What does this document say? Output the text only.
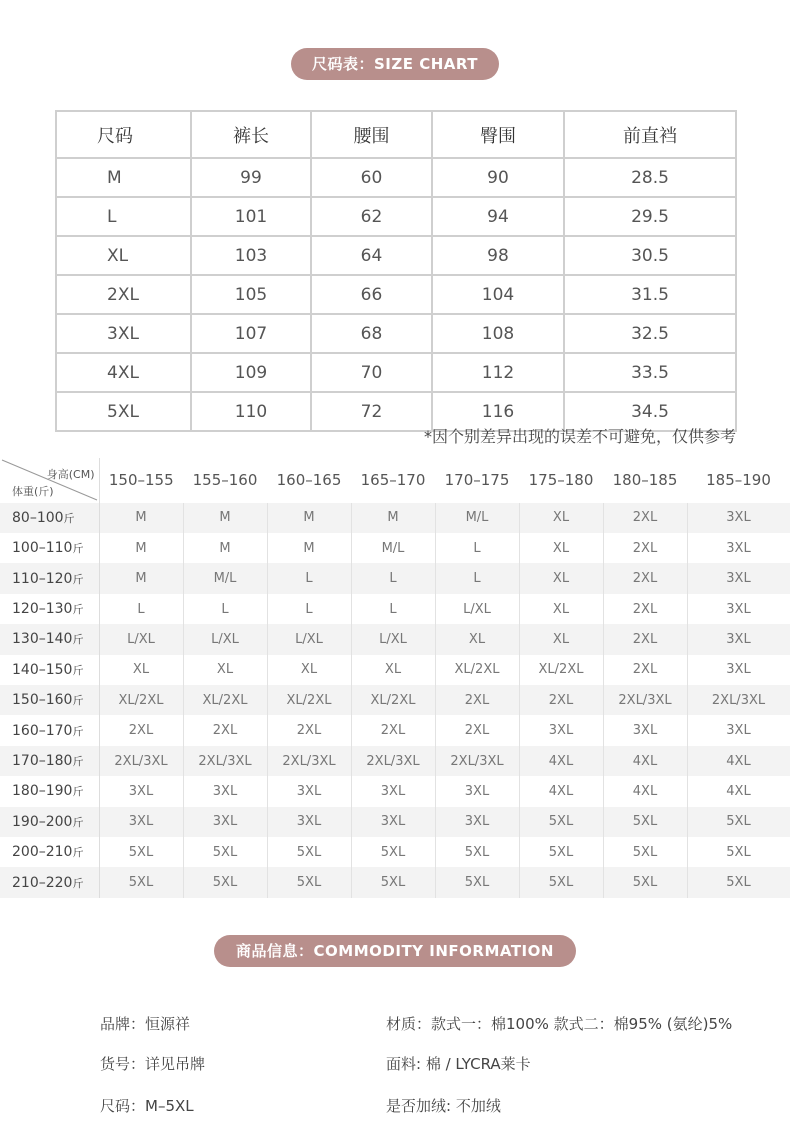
尺码表：SIZE CHART
尺码	裤长	腰围	臀围	前直裆
M	99	60	90	28.5
L	101	62	94	29.5
XL	103	64	98	30.5
2XL	105	66	104	31.5
3XL	107	68	108	32.5
4XL	109	70	112	33.5
5XL	110	72	116	34.5
*因个别差异出现的误差不可避免，仅供参考
身高(CM)
体重(斤)	150–155	155–160	160–165	165–170	170–175	175–180	180–185	185–190
80–100斤	M	M	M	M	M/L	XL	2XL	3XL
100–110斤	M	M	M	M/L	L	XL	2XL	3XL
110–120斤	M	M/L	L	L	L	XL	2XL	3XL
120–130斤	L	L	L	L	L/XL	XL	2XL	3XL
130–140斤	L/XL	L/XL	L/XL	L/XL	XL	XL	2XL	3XL
140–150斤	XL	XL	XL	XL	XL/2XL	XL/2XL	2XL	3XL
150–160斤	XL/2XL	XL/2XL	XL/2XL	XL/2XL	2XL	2XL	2XL/3XL	2XL/3XL
160–170斤	2XL	2XL	2XL	2XL	2XL	3XL	3XL	3XL
170–180斤	2XL/3XL	2XL/3XL	2XL/3XL	2XL/3XL	2XL/3XL	4XL	4XL	4XL
180–190斤	3XL	3XL	3XL	3XL	3XL	4XL	4XL	4XL
190–200斤	3XL	3XL	3XL	3XL	3XL	5XL	5XL	5XL
200–210斤	5XL	5XL	5XL	5XL	5XL	5XL	5XL	5XL
210–220斤	5XL	5XL	5XL	5XL	5XL	5XL	5XL	5XL
商品信息：COMMODITY INFORMATION
品牌：恒源祥
货号：详见吊牌
尺码：M–5XL
材质：款式一：棉100% 款式二：棉95% (氨纶)5%
面料: 棉 / LYCRA莱卡
是否加绒: 不加绒
